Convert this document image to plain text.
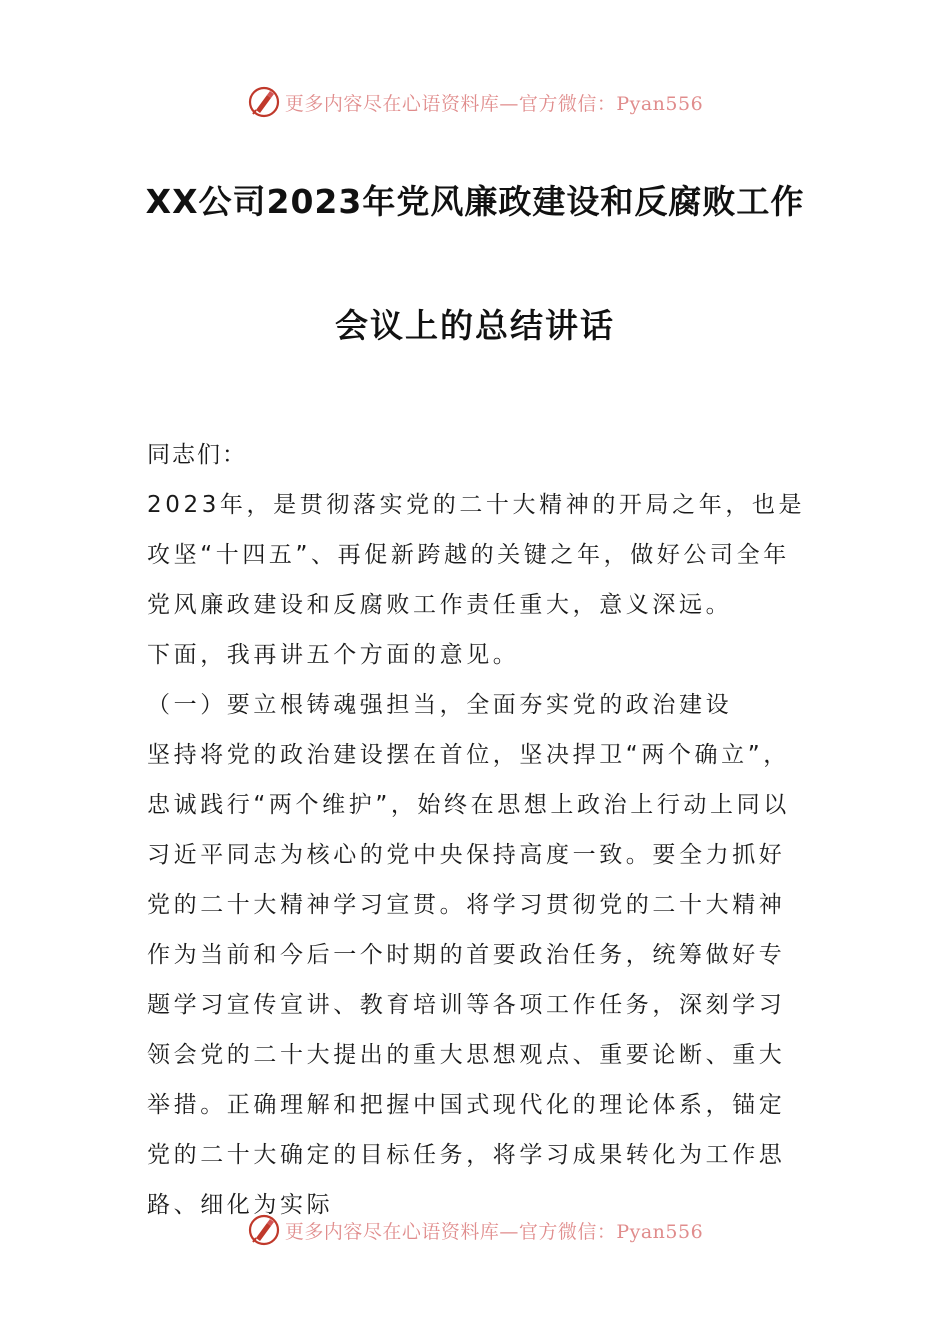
更多内容尽在心语资料库—官方微信：Pyan556
XX公司2023年党风廉政建设和反腐败工作
会议上的总结讲话

同志们：

2023年，是贯彻落实党的二十大精神的开局之年，也是攻坚“十四五”、再促新跨越的关键之年，做好公司全年党风廉政建设和反腐败工作责任重大，意义深远。

下面，我再讲五个方面的意见。

（一）要立根铸魂强担当，全面夯实党的政治建设

坚持将党的政治建设摆在首位，坚决捍卫“两个确立”，忠诚践行“两个维护”，始终在思想上政治上行动上同以习近平同志为核心的党中央保持高度一致。要全力抓好党的二十大精神学习宣贯。将学习贯彻党的二十大精神作为当前和今后一个时期的首要政治任务，统筹做好专题学习宣传宣讲、教育培训等各项工作任务，深刻学习领会党的二十大提出的重大思想观点、重要论断、重大举措。正确理解和把握中国式现代化的理论体系，锚定党的二十大确定的目标任务，将学习成果转化为工作思路、细化为实际

更多内容尽在心语资料库—官方微信：Pyan556
